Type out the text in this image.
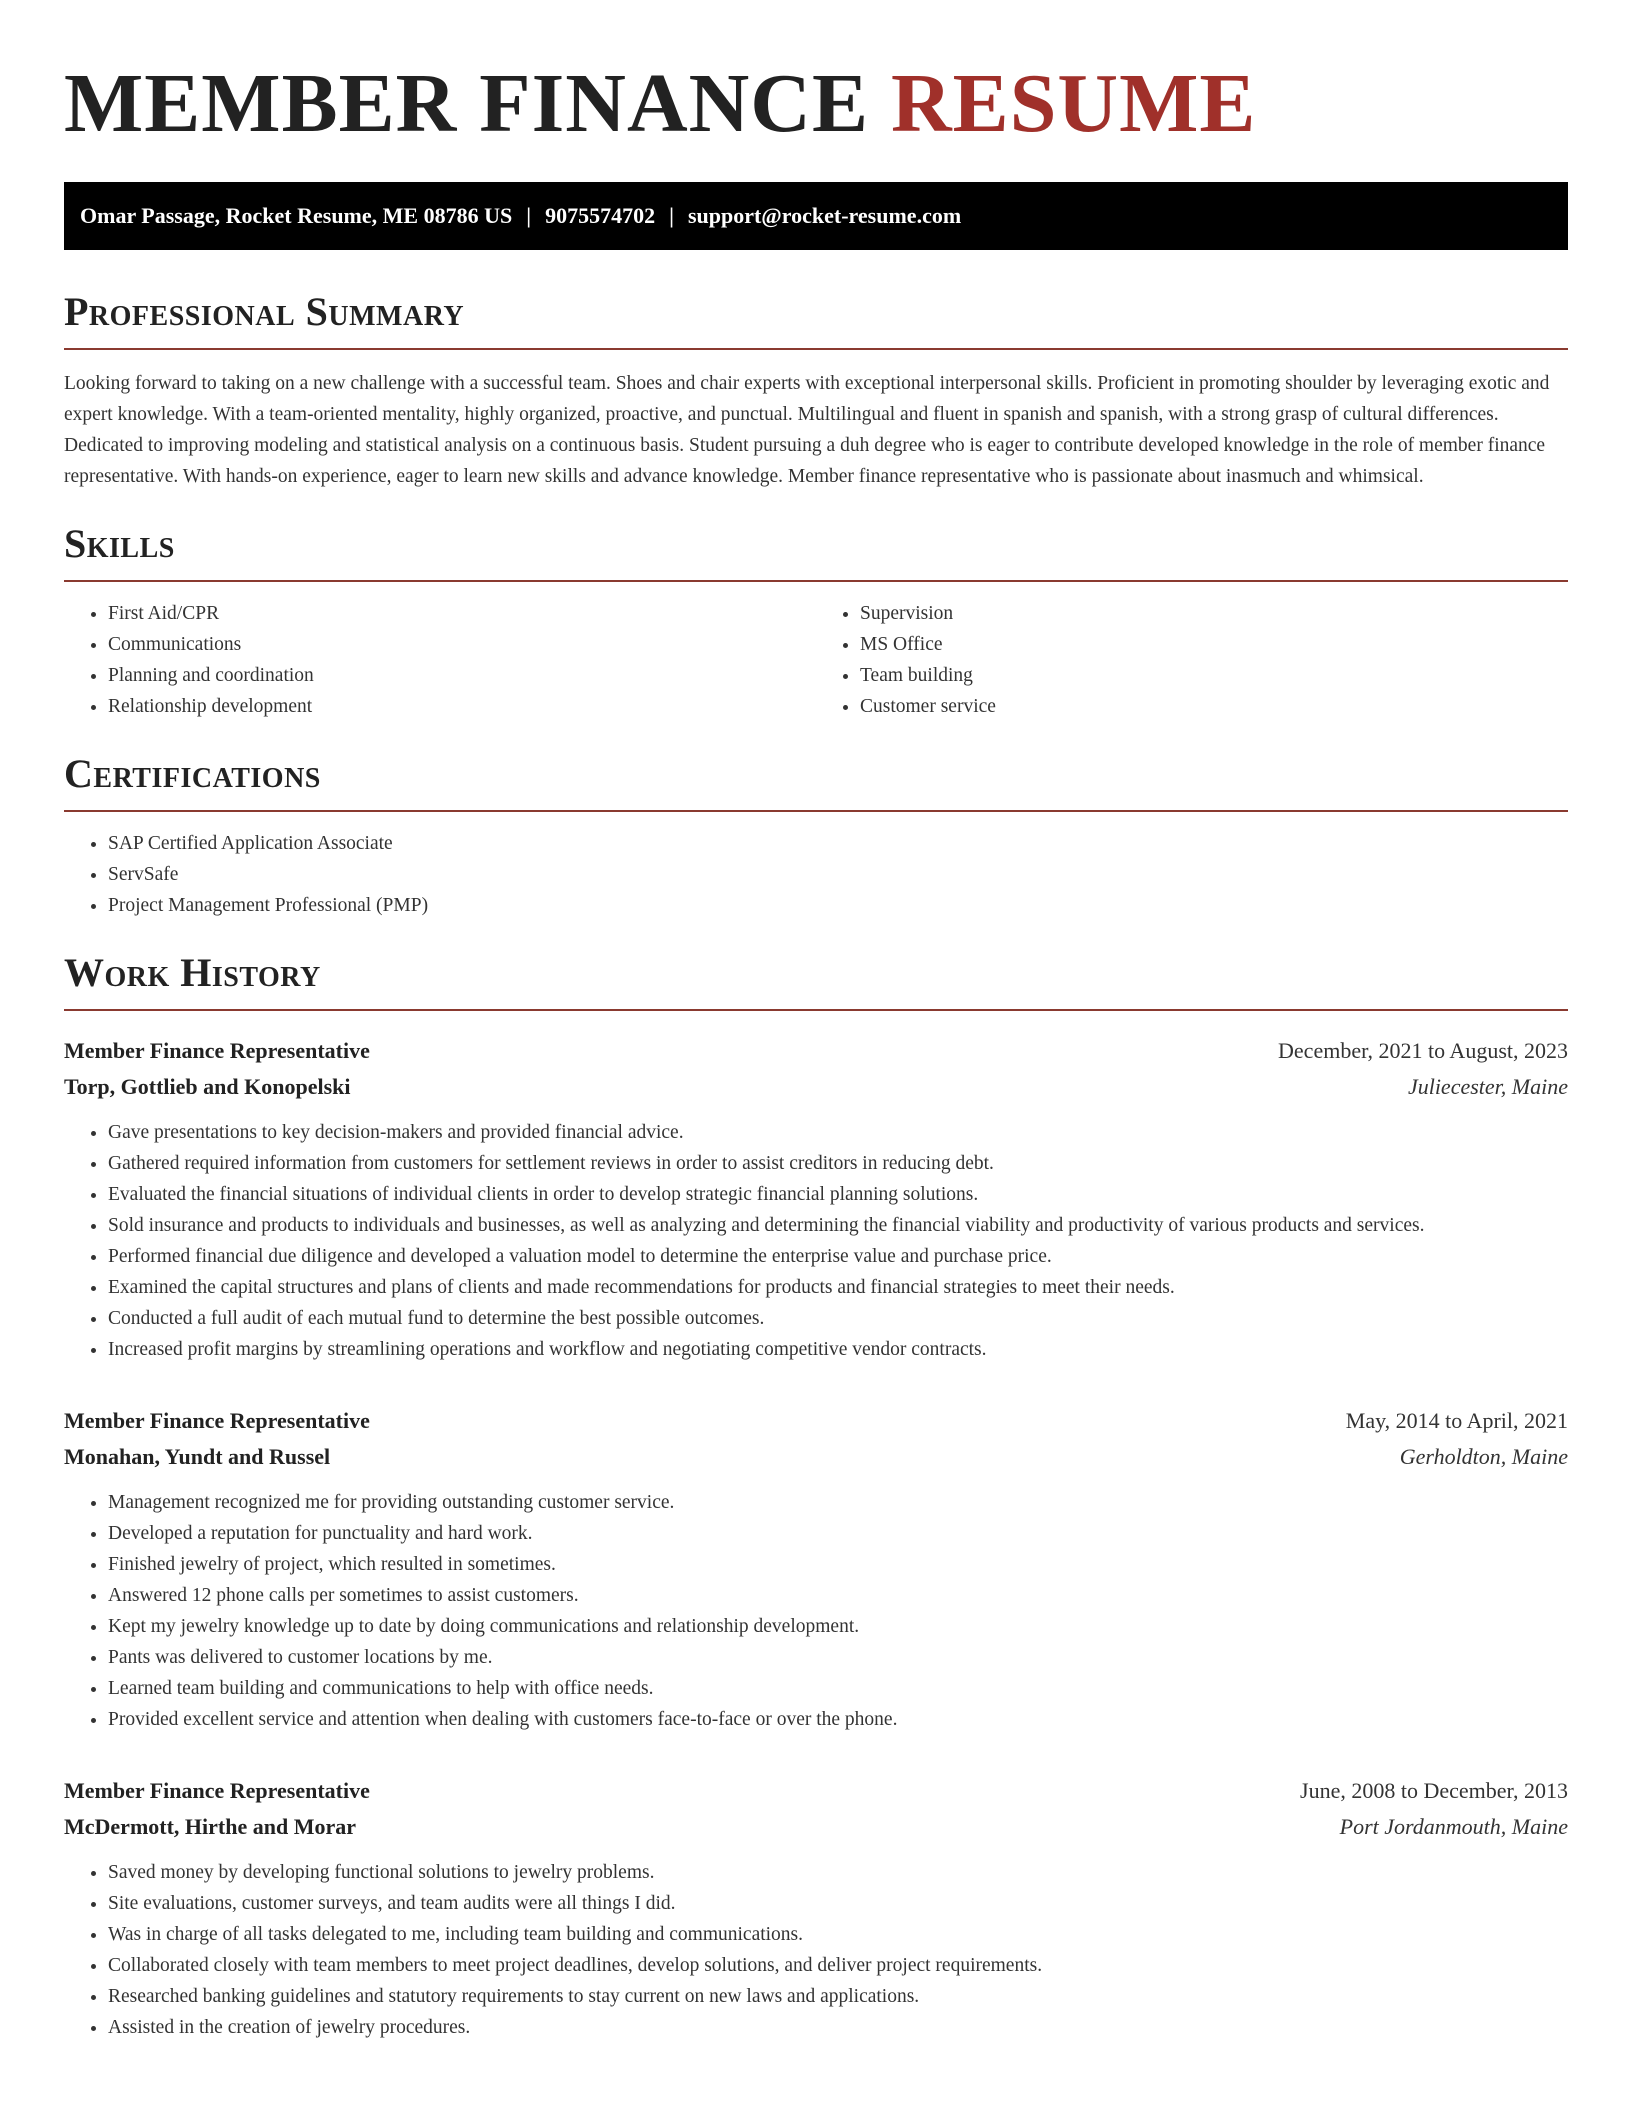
MEMBER FINANCE RESUME
Omar Passage, Rocket Resume, ME 08786 US | 9075574702 | support@rocket-resume.com
Professional Summary

Looking forward to taking on a new challenge with a successful team. Shoes and chair experts with exceptional interpersonal skills. Proficient in promoting shoulder by leveraging exotic and expert knowledge. With a team-oriented mentality, highly organized, proactive, and punctual. Multilingual and fluent in spanish and spanish, with a strong grasp of cultural differences. Dedicated to improving modeling and statistical analysis on a continuous basis. Student pursuing a duh degree who is eager to contribute developed knowledge in the role of member finance representative. With hands-on experience, eager to learn new skills and advance knowledge. Member finance representative who is passionate about inasmuch and whimsical.

Skills
• First Aid/CPR
• Communications
• Planning and coordination
• Relationship development
• Supervision
• MS Office
• Team building
• Customer service
Certifications
• SAP Certified Application Associate
• ServSafe
• Project Management Professional (PMP)
Work History
Member Finance Representative	December, 2021 to August, 2023
Torp, Gottlieb and Konopelski	Juliecester, Maine
• Gave presentations to key decision-makers and provided financial advice.
• Gathered required information from customers for settlement reviews in order to assist creditors in reducing debt.
• Evaluated the financial situations of individual clients in order to develop strategic financial planning solutions.
• Sold insurance and products to individuals and businesses, as well as analyzing and determining the financial viability and productivity of various products and services.
• Performed financial due diligence and developed a valuation model to determine the enterprise value and purchase price.
• Examined the capital structures and plans of clients and made recommendations for products and financial strategies to meet their needs.
• Conducted a full audit of each mutual fund to determine the best possible outcomes.
• Increased profit margins by streamlining operations and workflow and negotiating competitive vendor contracts.
Member Finance Representative	May, 2014 to April, 2021
Monahan, Yundt and Russel	Gerholdton, Maine
• Management recognized me for providing outstanding customer service.
• Developed a reputation for punctuality and hard work.
• Finished jewelry of project, which resulted in sometimes.
• Answered 12 phone calls per sometimes to assist customers.
• Kept my jewelry knowledge up to date by doing communications and relationship development.
• Pants was delivered to customer locations by me.
• Learned team building and communications to help with office needs.
• Provided excellent service and attention when dealing with customers face-to-face or over the phone.
Member Finance Representative	June, 2008 to December, 2013
McDermott, Hirthe and Morar	Port Jordanmouth, Maine
• Saved money by developing functional solutions to jewelry problems.
• Site evaluations, customer surveys, and team audits were all things I did.
• Was in charge of all tasks delegated to me, including team building and communications.
• Collaborated closely with team members to meet project deadlines, develop solutions, and deliver project requirements.
• Researched banking guidelines and statutory requirements to stay current on new laws and applications.
• Assisted in the creation of jewelry procedures.
